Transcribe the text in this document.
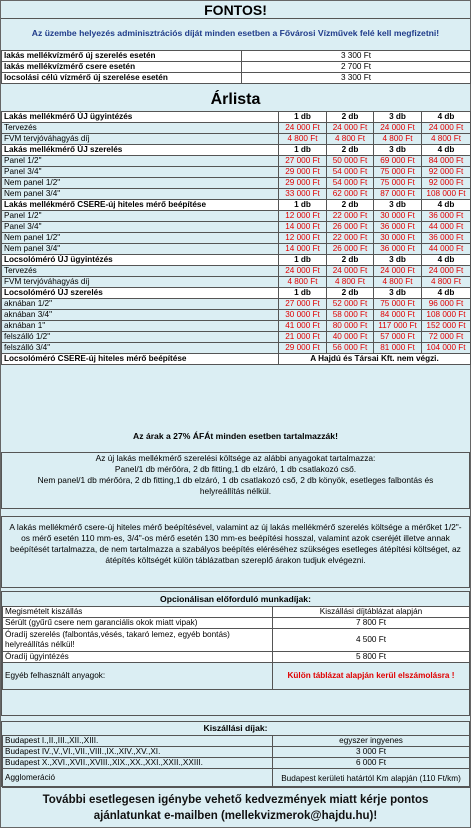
FONTOS!
Az üzembe helyezés adminisztrációs díját minden esetben a Fővárosi Vízművek felé kell megfizetni!
lakás mellékvízmérő új szerelés esetén	3 300 Ft
lakás mellékvízmérő csere esetén	2 700 Ft
locsolási célú vízmérő új szerelése esetén	3 300 Ft
Árlista
Lakás mellékmérő ÚJ ügyintézés	1 db	2 db	3 db	4 db
Tervezés	24 000 Ft	24 000 Ft	24 000 Ft	24 000 Ft
FVM tervjóváhagyás díj	4 800 Ft	4 800 Ft	4 800 Ft	4 800 Ft
Lakás mellékmérő ÚJ szerelés	1 db	2 db	3 db	4 db
Panel 1/2"	27 000 Ft	50 000 Ft	69 000 Ft	84 000 Ft
Panel 3/4"	29 000 Ft	54 000 Ft	75 000 Ft	92 000 Ft
Nem panel 1/2"	29 000 Ft	54 000 Ft	75 000 Ft	92 000 Ft
Nem panel 3/4"	33 000 Ft	62 000 Ft	87 000 Ft	108 000 Ft
Lakás mellékmérő CSERE-új hiteles mérő beépítése	1 db	2 db	3 db	4 db
Panel 1/2"	12 000 Ft	22 000 Ft	30 000 Ft	36 000 Ft
Panel 3/4"	14 000 Ft	26 000 Ft	36 000 Ft	44 000 Ft
Nem panel 1/2"	12 000 Ft	22 000 Ft	30 000 Ft	36 000 Ft
Nem panel 3/4"	14 000 Ft	26 000 Ft	36 000 Ft	44 000 Ft
Locsolóméró ÚJ ügyintézés	1 db	2 db	3 db	4 db
Tervezés	24 000 Ft	24 000 Ft	24 000 Ft	24 000 Ft
FVM tervjóváhagyás díj	4 800 Ft	4 800 Ft	4 800 Ft	4 800 Ft
Locsolóméró ÚJ szerelés	1 db	2 db	3 db	4 db
aknában 1/2"	27 000 Ft	52 000 Ft	75 000 Ft	96 000 Ft
aknában 3/4"	30 000 Ft	58 000 Ft	84 000 Ft	108 000 Ft
aknában 1"	41 000 Ft	80 000 Ft	117 000 Ft	152 000 Ft
felszálló 1/2"	21 000 Ft	40 000 Ft	57 000 Ft	72 000 Ft
felszálló 3/4"	29 000 Ft	56 000 Ft	81 000 Ft	104 000 Ft
Locsolóméró CSERE-új hiteles mérő beépítése	A Hajdú és Társai Kft. nem végzi.			
Az árak a 27% ÁFÁt minden esetben tartalmazzák!
Az új lakás mellékmérő szerelési költsége az alábbi anyagokat tartalmazza:
Panel/1 db mérőóra, 2 db fitting,1 db elzáró, 1 db csatlakozó cső.
Nem panel/1 db mérőóra, 2 db fitting,1 db elzáró, 1 db csatlakozó cső, 2 db könyök, esetleges falbontás és helyreállítás nélkül.
A lakás mellékmérő csere-új hiteles mérő beépítésével, valamint az új lakás mellékmérő szerelés költsége a mérőket 1/2"-os mérő esetén 110 mm-es, 3/4"-os mérő esetén 130 mm-es beépítési hosszal, valamint azok cseréjét illetve annak beépítését tartalmazza, de nem tartalmazza a szabályos beépítés eléréséhez szükséges esetleges átépítési költséget, az átépítés költségét külön táblázatban szereplő árakon tudjuk elvégezni.
Opcionálisan előforduló munkadíjak:
Megismételt kiszállás	Kiszállási díjtáblázat alapján
Sérült (gyűrű csere nem garanciális okok miatt vipak)	7 800 Ft
Óradíj szerelés (falbontás,vésés, takaró lemez, egyéb bontás) helyreállítás nélkül!	4 500 Ft
Óradíj ügyintézés	5 800 Ft
Egyéb felhasznált anyagok:	Külön táblázat alapján kerül elszámolásra !
Kiszállási díjak:
Budapest I.,II.,III.,XII.,XIII.	egyszer ingyenes
Budapest IV.,V.,VI.,VII.,VIII.,IX.,XIV.,XV.,XI.	3 000 Ft
Budapest X.,XVI.,XVII.,XVIII.,XIX.,XX.,XXI.,XXII.,XXIII.	6 000 Ft
Agglomeráció	Budapest kerületi határtól Km alapján (110 Ft/km)
További esetlegesen igénybe vehető kedvezmények miatt kérje pontos ajánlatunkat e-mailben (mellekvizmerok@hajdu.hu)!
